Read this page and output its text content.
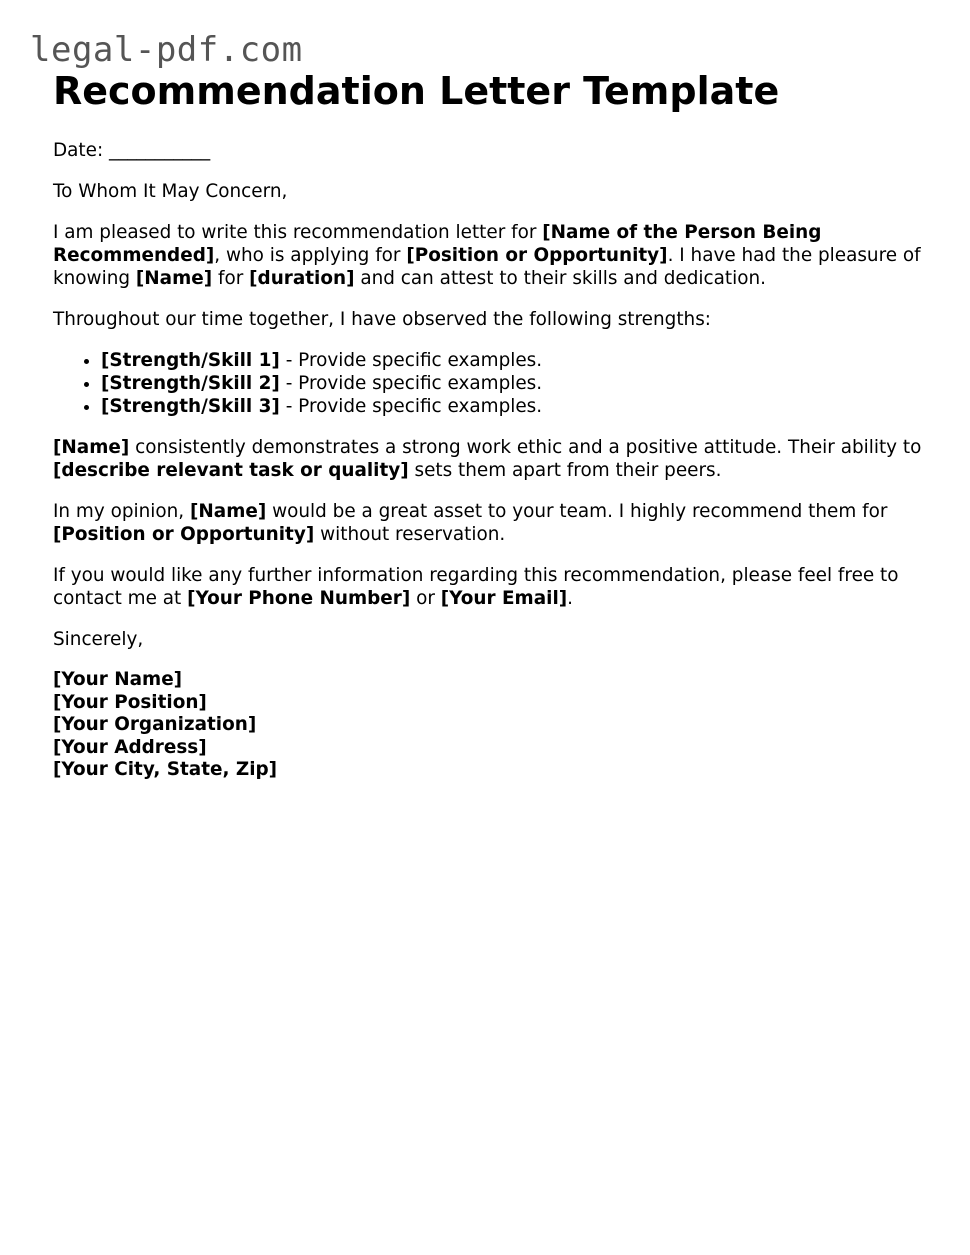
legal-pdf.com
Recommendation Letter Template

Date: ___________

To Whom It May Concern,

I am pleased to write this recommendation letter for [Name of the Person Being Recommended], who is applying for [Position or Opportunity]. I have had the pleasure of knowing [Name] for [duration] and can attest to their skills and dedication.

Throughout our time together, I have observed the following strengths:

• [Strength/Skill 1] - Provide specific examples.
• [Strength/Skill 2] - Provide specific examples.
• [Strength/Skill 3] - Provide specific examples.

[Name] consistently demonstrates a strong work ethic and a positive attitude. Their ability to [describe relevant task or quality] sets them apart from their peers.

In my opinion, [Name] would be a great asset to your team. I highly recommend them for [Position or Opportunity] without reservation.

If you would like any further information regarding this recommendation, please feel free to contact me at [Your Phone Number] or [Your Email].

Sincerely,

[Your Name]
[Your Position]
[Your Organization]
[Your Address]
[Your City, State, Zip]
